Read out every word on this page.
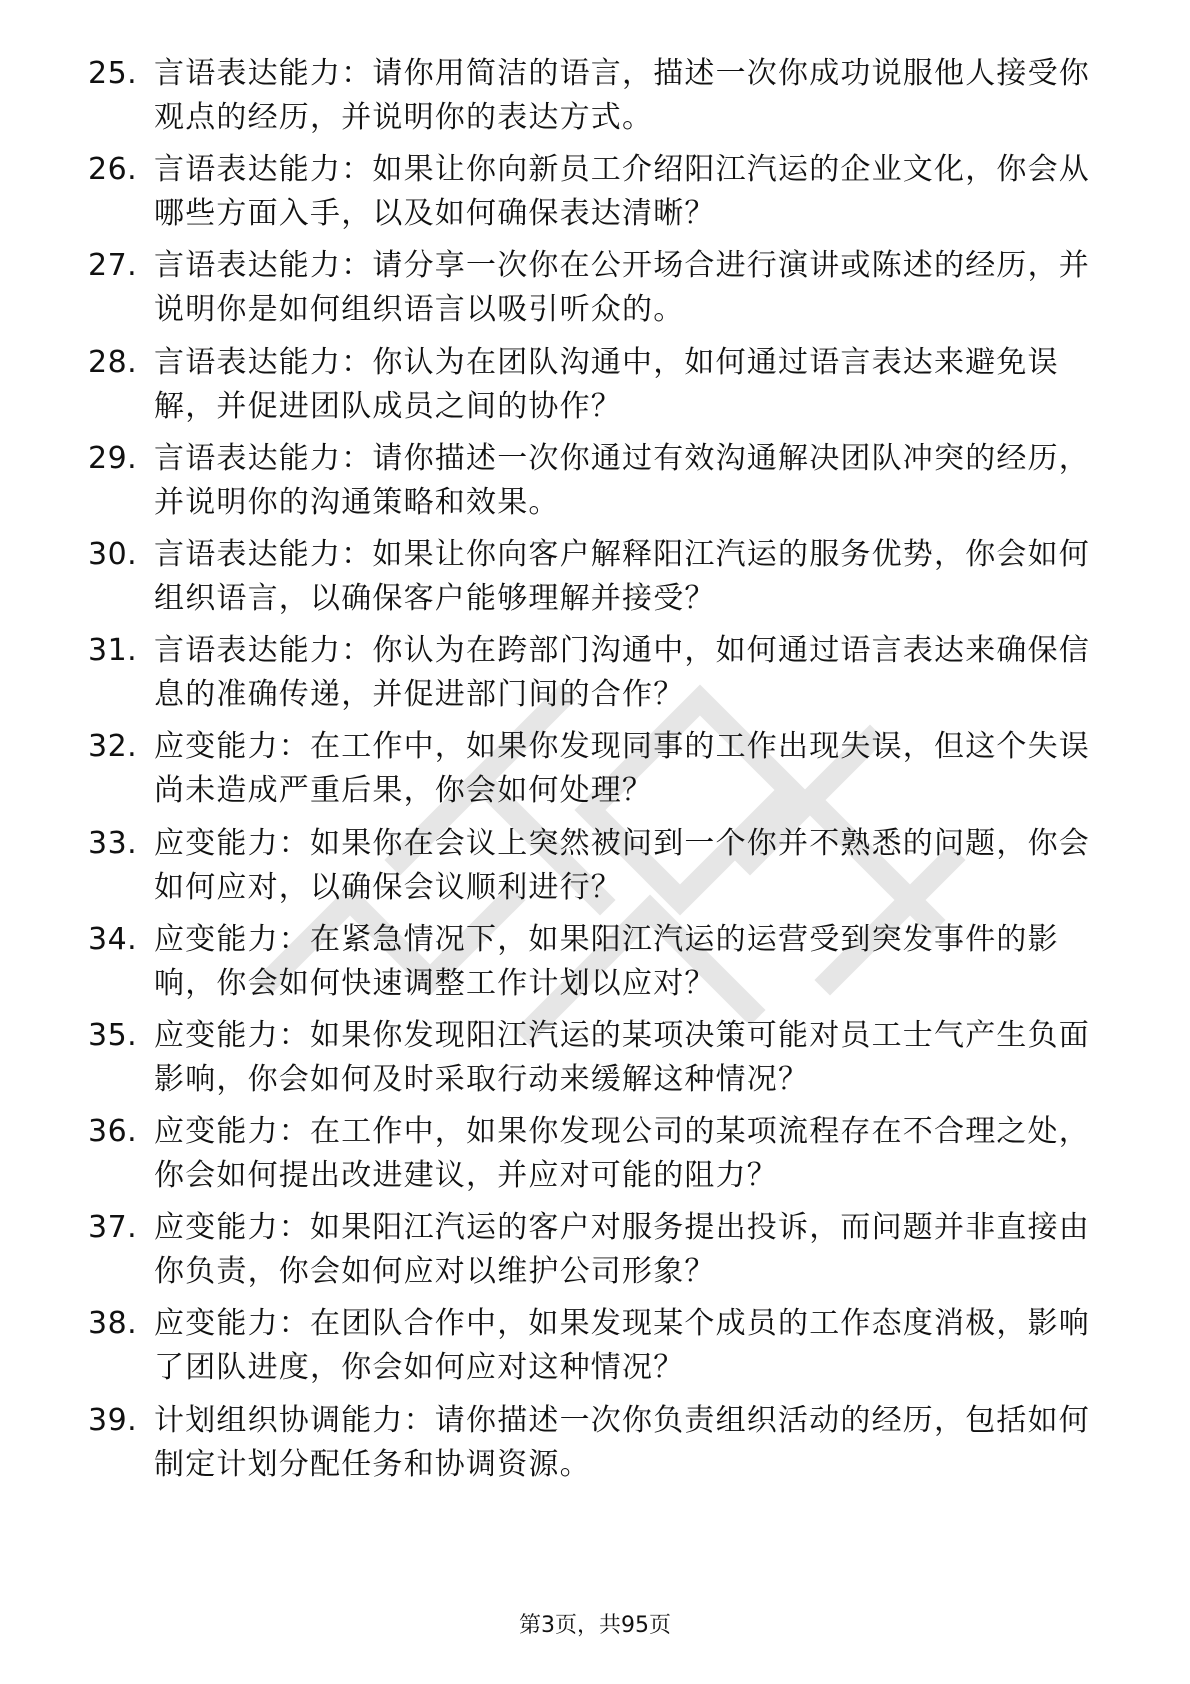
25. 言语表达能力：请你用简洁的语言，描述一次你成功说服他人接受你观点的经历，并说明你的表达方式。
26. 言语表达能力：如果让你向新员工介绍阳江汽运的企业文化，你会从哪些方面入手，以及如何确保表达清晰？
27. 言语表达能力：请分享一次你在公开场合进行演讲或陈述的经历，并说明你是如何组织语言以吸引听众的。
28. 言语表达能力：你认为在团队沟通中，如何通过语言表达来避免误解，并促进团队成员之间的协作？
29. 言语表达能力：请你描述一次你通过有效沟通解决团队冲突的经历，并说明你的沟通策略和效果。
30. 言语表达能力：如果让你向客户解释阳江汽运的服务优势，你会如何组织语言，以确保客户能够理解并接受？
31. 言语表达能力：你认为在跨部门沟通中，如何通过语言表达来确保信息的准确传递，并促进部门间的合作？
32. 应变能力：在工作中，如果你发现同事的工作出现失误，但这个失误尚未造成严重后果，你会如何处理？
33. 应变能力：如果你在会议上突然被问到一个你并不熟悉的问题，你会如何应对，以确保会议顺利进行？
34. 应变能力：在紧急情况下，如果阳江汽运的运营受到突发事件的影响，你会如何快速调整工作计划以应对？
35. 应变能力：如果你发现阳江汽运的某项决策可能对员工士气产生负面影响，你会如何及时采取行动来缓解这种情况？
36. 应变能力：在工作中，如果你发现公司的某项流程存在不合理之处，你会如何提出改进建议，并应对可能的阻力？
37. 应变能力：如果阳江汽运的客户对服务提出投诉，而问题并非直接由你负责，你会如何应对以维护公司形象？
38. 应变能力：在团队合作中，如果发现某个成员的工作态度消极，影响了团队进度，你会如何应对这种情况？
39. 计划组织协调能力：请你描述一次你负责组织活动的经历，包括如何制定计划分配任务和协调资源。
第3页，共95页
